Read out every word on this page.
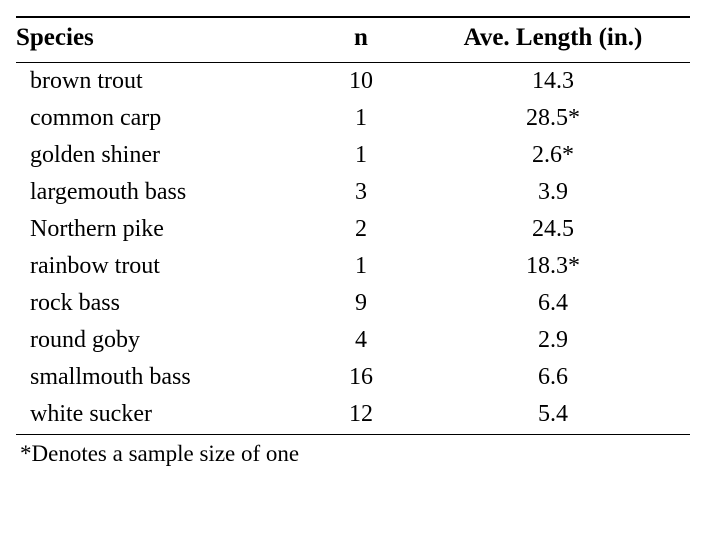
Species	n	Ave. Length (in.)
brown trout	10	14.3
common carp	1	28.5*
golden shiner	1	2.6*
largemouth bass	3	3.9
Northern pike	2	24.5
rainbow trout	1	18.3*
rock bass	9	6.4
round goby	4	2.9
smallmouth bass	16	6.6
white sucker	12	5.4
*Denotes a sample size of one
